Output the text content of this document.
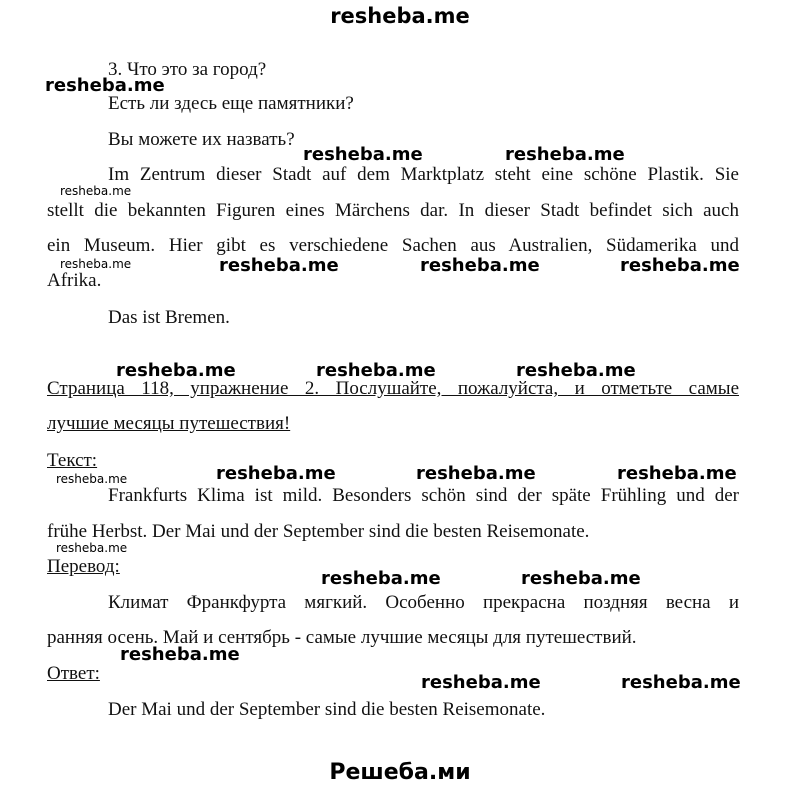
resheba.me
3. Что это за город?
Есть ли здесь еще памятники?
Вы можете их назвать?
Im Zentrum dieser Stadt auf dem Marktplatz steht eine schöne Plastik. Sie
stellt die bekannten Figuren eines Märchens dar. In dieser Stadt befindet sich auch
ein Museum. Hier gibt es verschiedene Sachen aus Australien, Südamerika und
Afrika.
Das ist Bremen.
Страница 118, упражнение 2. Послушайте, пожалуйста, и отметьте самые
лучшие месяцы путешествия!
Текст:
Frankfurts Klima ist mild. Besonders schön sind der späte Frühling und der
frühe Herbst. Der Mai und der September sind die besten Reisemonate.
Перевод:
Климат Франкфурта мягкий. Особенно прекрасна поздняя весна и
ранняя осень. Май и сентябрь - самые лучшие месяцы для путешествий.
Ответ:
Der Mai und der September sind die besten Reisemonate.
resheba.me
resheba.me	resheba.me
resheba.me
resheba.me	resheba.me	resheba.me	resheba.me
resheba.me	resheba.me	resheba.me
resheba.me	resheba.me	resheba.me	resheba.me
resheba.me
resheba.me	resheba.me
resheba.me
resheba.me	resheba.me
Решеба.ми
